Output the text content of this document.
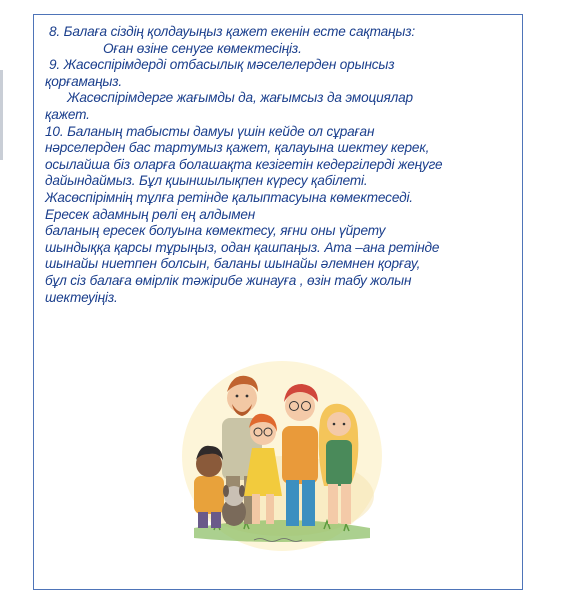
8. Балаға сіздің қолдауыңыз қажет екенін есте сақтаңыз:
Оған өзіне сенуге көмектесіңіз.
9. Жасөспірімдерді отбасылық мәселелерден орынсыз
қорғамаңыз.
Жасөспірімдерге жағымды да, жағымсыз да эмоциялар
қажет.
10. Баланың табысты дамуы үшін кейде ол сұраған
нәрселерден бас тартумыз қажет, қалауына шектеу керек,
осылайша біз оларға болашақта кезігетін кедергілерді жеңуге
дайындаймыз. Бұл қиыншылықпен күресу қабілеті.
Жасөспірімнің тұлға ретінде қалыптасуына көмектеседі.
Ересек адамның рөлі ең алдымен
баланың ересек болуына көмектесу, яғни оны үйрету
шындыққа қарсы тұрыңыз, одан қашпаңыз. Ата –ана ретінде
шынайы ниетпен болсын, баланы шынайы әлемнен қорғау,
бұл сіз балаға өмірлік тәжірибе жинауға , өзін табу жолын
шектеуіңіз.
